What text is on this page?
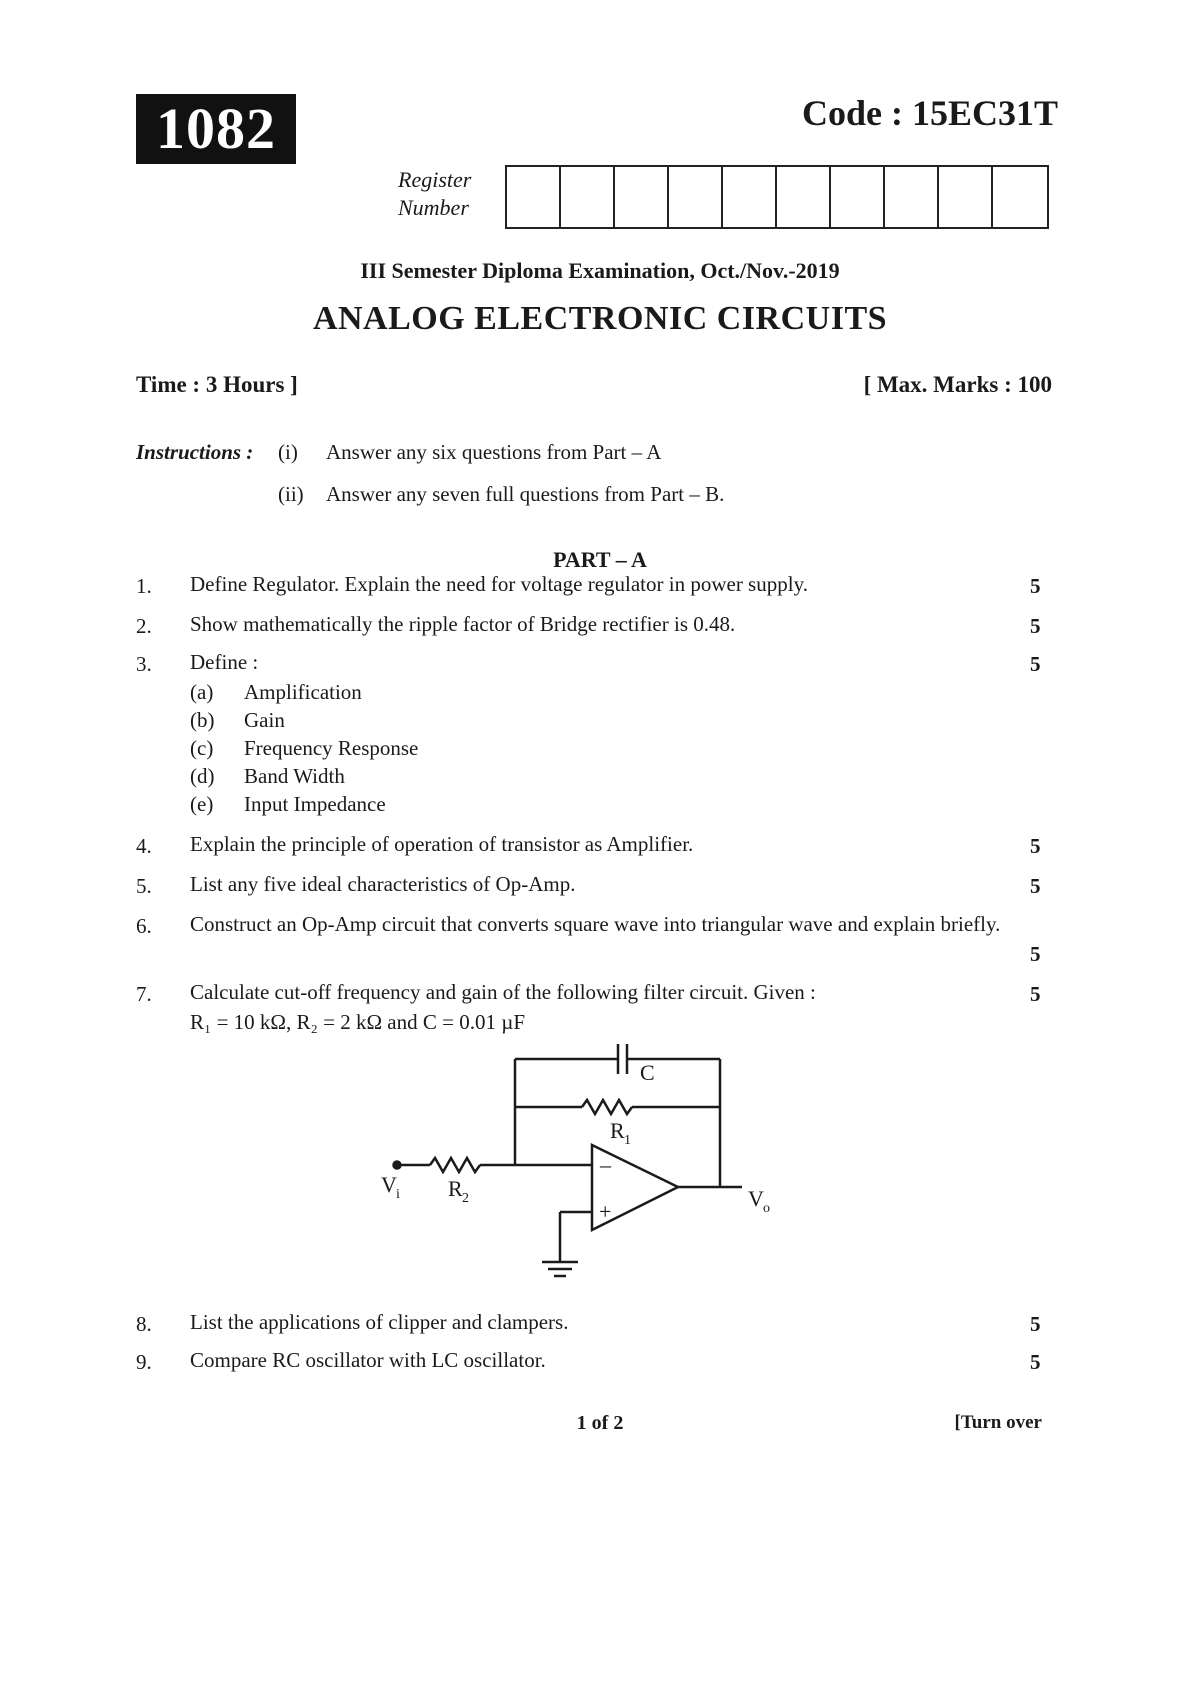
1082	Code : 15EC31T
Register
Number
III Semester Diploma Examination, Oct./Nov.-2019
ANALOG ELECTRONIC CIRCUITS
Time : 3 Hours ]	[ Max. Marks : 100
Instructions : (i) Answer any six questions from Part – A
(ii) Answer any seven full questions from Part – B.
PART – A
1. Define Regulator. Explain the need for voltage regulator in power supply.	5
2. Show mathematically the ripple factor of Bridge rectifier is 0.48.	5
3. Define :	5
(a) Amplification
(b) Gain
(c) Frequency Response
(d) Band Width
(e) Input Impedance
4. Explain the principle of operation of transistor as Amplifier.	5
5. List any five ideal characteristics of Op-Amp.	5
6. Construct an Op-Amp circuit that converts square wave into triangular wave and explain briefly.
5
7. Calculate cut-off frequency and gain of the following filter circuit. Given :
R₁ = 10 kΩ, R₂ = 2 kΩ and C = 0.01 µF
5
C
R 1
R 2
V i	V o
–
+
8. List the applications of clipper and clampers.	5
9. Compare RC oscillator with LC oscillator.	5
1 of 2	[Turn over
